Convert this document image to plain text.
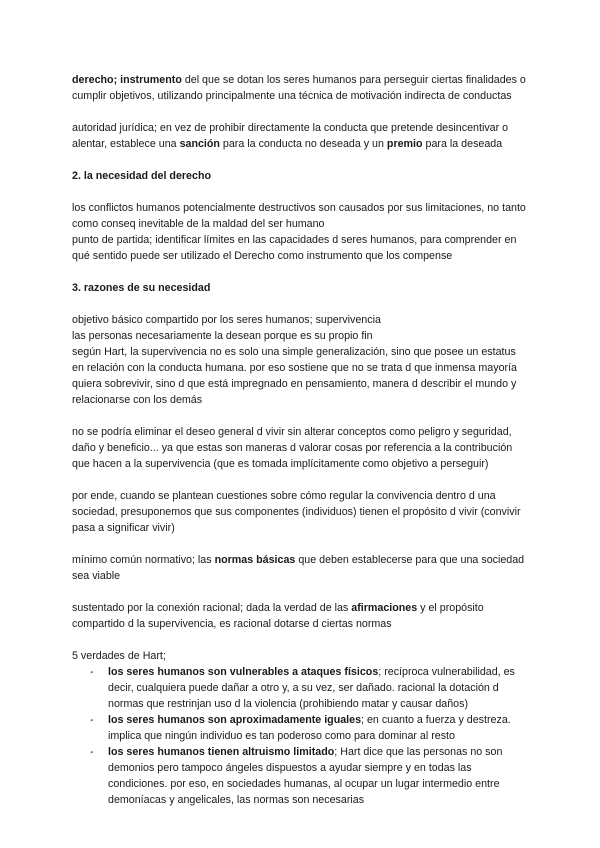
derecho; instrumento del que se dotan los seres humanos para perseguir ciertas finalidades o cumplir objetivos, utilizando principalmente una técnica de motivación indirecta de conductas

autoridad jurídica; en vez de prohibir directamente la conducta que pretende desincentivar o alentar, establece una sanción para la conducta no deseada y un premio para la deseada

2. la necesidad del derecho

los conflictos humanos potencialmente destructivos son causados por sus limitaciones, no tanto como conseq inevitable de la maldad del ser humano

punto de partida; identificar límites en las capacidades d seres humanos, para comprender en qué sentido puede ser utilizado el Derecho como instrumento que los compense

3. razones de su necesidad

objetivo básico compartido por los seres humanos; supervivencia

las personas necesariamente la desean porque es su propio fin

según Hart, la supervivencia no es solo una simple generalización, sino que posee un estatus en relación con la conducta humana. por eso sostiene que no se trata d que inmensa mayoría quiera sobrevivir, sino d que está impregnado en pensamiento, manera d describir el mundo y relacionarse con los demás

no se podría eliminar el deseo general d vivir sin alterar conceptos como peligro y seguridad, daño y beneficio... ya que estas son maneras d valorar cosas por referencia a la contribución que hacen a la supervivencia (que es tomada implícitamente como objetivo a perseguir)

por ende, cuando se plantean cuestiones sobre cómo regular la convivencia dentro d una sociedad, presuponemos que sus componentes (individuos) tienen el propósito d vivir (convivir pasa a significar vivir)

mínimo común normativo; las normas básicas que deben establecerse para que una sociedad sea viable

sustentado por la conexión racional; dada la verdad de las afirmaciones y el propósito compartido d la supervivencia, es racional dotarse d ciertas normas

5 verdades de Hart;

- los seres humanos son vulnerables a ataques físicos; recíproca vulnerabilidad, es decir, cualquiera puede dañar a otro y, a su vez, ser dañado. racional la dotación d normas que restrinjan uso d la violencia (prohibiendo matar y causar daños)
- los seres humanos son aproximadamente iguales; en cuanto a fuerza y destreza. implica que ningún individuo es tan poderoso como para dominar al resto
- los seres humanos tienen altruismo limitado; Hart dice que las personas no son demonios pero tampoco ángeles dispuestos a ayudar siempre y en todas las condiciones. por eso, en sociedades humanas, al ocupar un lugar intermedio entre demoníacas y angelicales, las normas son necesarias
